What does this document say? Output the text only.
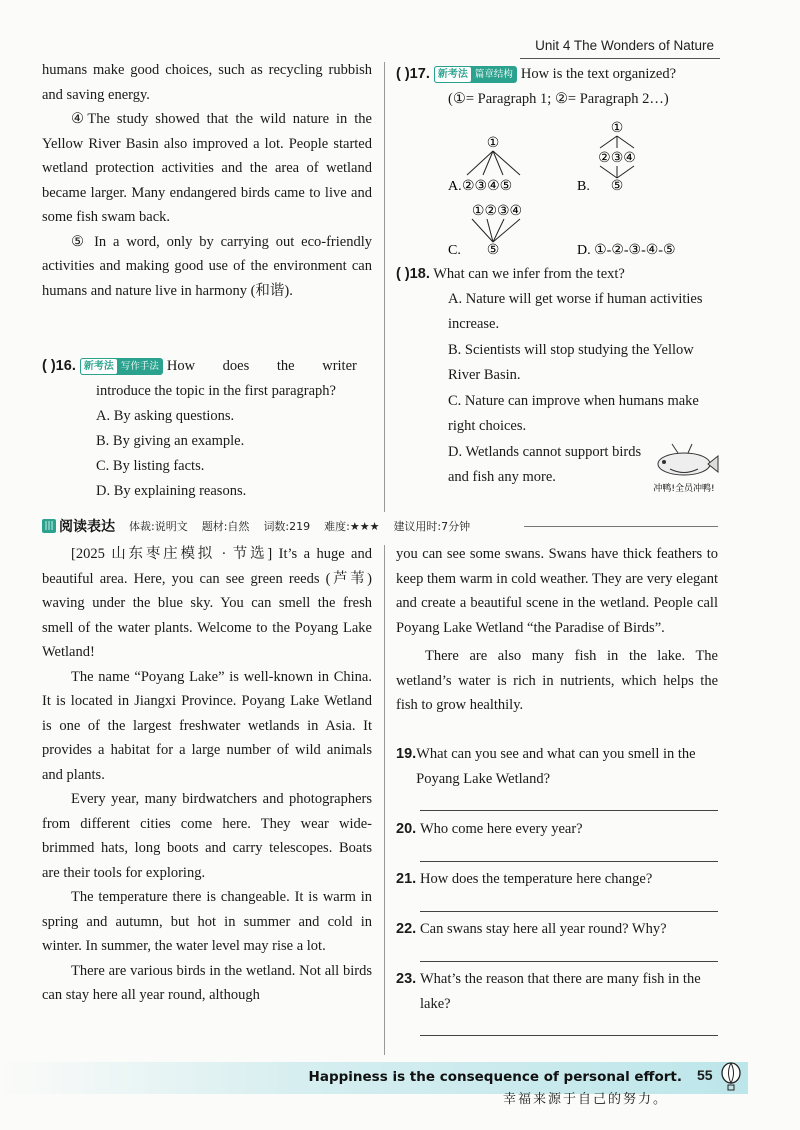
Unit 4 The Wonders of Nature

humans make good choices, such as recycling rubbish and saving energy.

④The study showed that the wild nature in the Yellow River Basin also improved a lot. People started wetland protection activities and the area of wetland became larger. Many endangered birds came to live and some fish swam back.

⑤ In a word, only by carrying out eco-friendly activities and making good use of the environment can humans and nature live in harmony (和谐).

( )16. 新考法 写作手法 How does the writer

introduce the topic in the first paragraph?

A. By asking questions.

B. By giving an example.

C. By listing facts.

D. By explaining reasons.

( )17. 新考法 篇章结构 How is the text organized?

(①= Paragraph 1; ②= Paragraph 2…)

①
A. ②③④⑤
①
②③④
B. ⑤
①②③④
C. ⑤	D. ①-②-③-④-⑤
( )18. What can we infer from the text?

A. Nature will get worse if human activities increase.

B. Scientists will stop studying the Yellow River Basin.

C. Nature can improve when humans make right choices.

D. Wetlands cannot support birds and fish any more.

冲鸭!全员冲鸭!
||| 阅读表达 体裁:说明文 题材:自然 词数:219 难度:★★★ 建议用时:7分钟

[2025 山东枣庄模拟 · 节选] It’s a huge and beautiful area. Here, you can see green reeds (芦苇) waving under the blue sky. You can smell the fresh smell of the water plants. Welcome to the Poyang Lake Wetland!

The name “Poyang Lake” is well-known in China. It is located in Jiangxi Province. Poyang Lake Wetland is one of the largest freshwater wetlands in Asia. It provides a habitat for a large number of wild animals and plants.

Every year, many birdwatchers and photographers from different cities come here. They wear wide-brimmed hats, long boots and carry telescopes. Boats are their tools for exploring.

The temperature there is changeable. It is warm in spring and autumn, but hot in summer and cold in winter. In summer, the water level may rise a lot.

There are various birds in the wetland. Not all birds can stay here all year round, although

you can see some swans. Swans have thick feathers to keep them warm in cold weather. They are very elegant and create a beautiful scene in the wetland. People call Poyang Lake Wetland “the Paradise of Birds”.

There are also many fish in the lake. The wetland’s water is rich in nutrients, which helps the fish to grow healthily.

19. What can you see and what can you smell in the Poyang Lake Wetland?
20. Who come here every year?
21. How does the temperature here change?
22. Can swans stay here all year round? Why?
23. What’s the reason that there are many fish in the lake?
Happiness is the consequence of personal effort. 55
幸福来源于自己的努力。
